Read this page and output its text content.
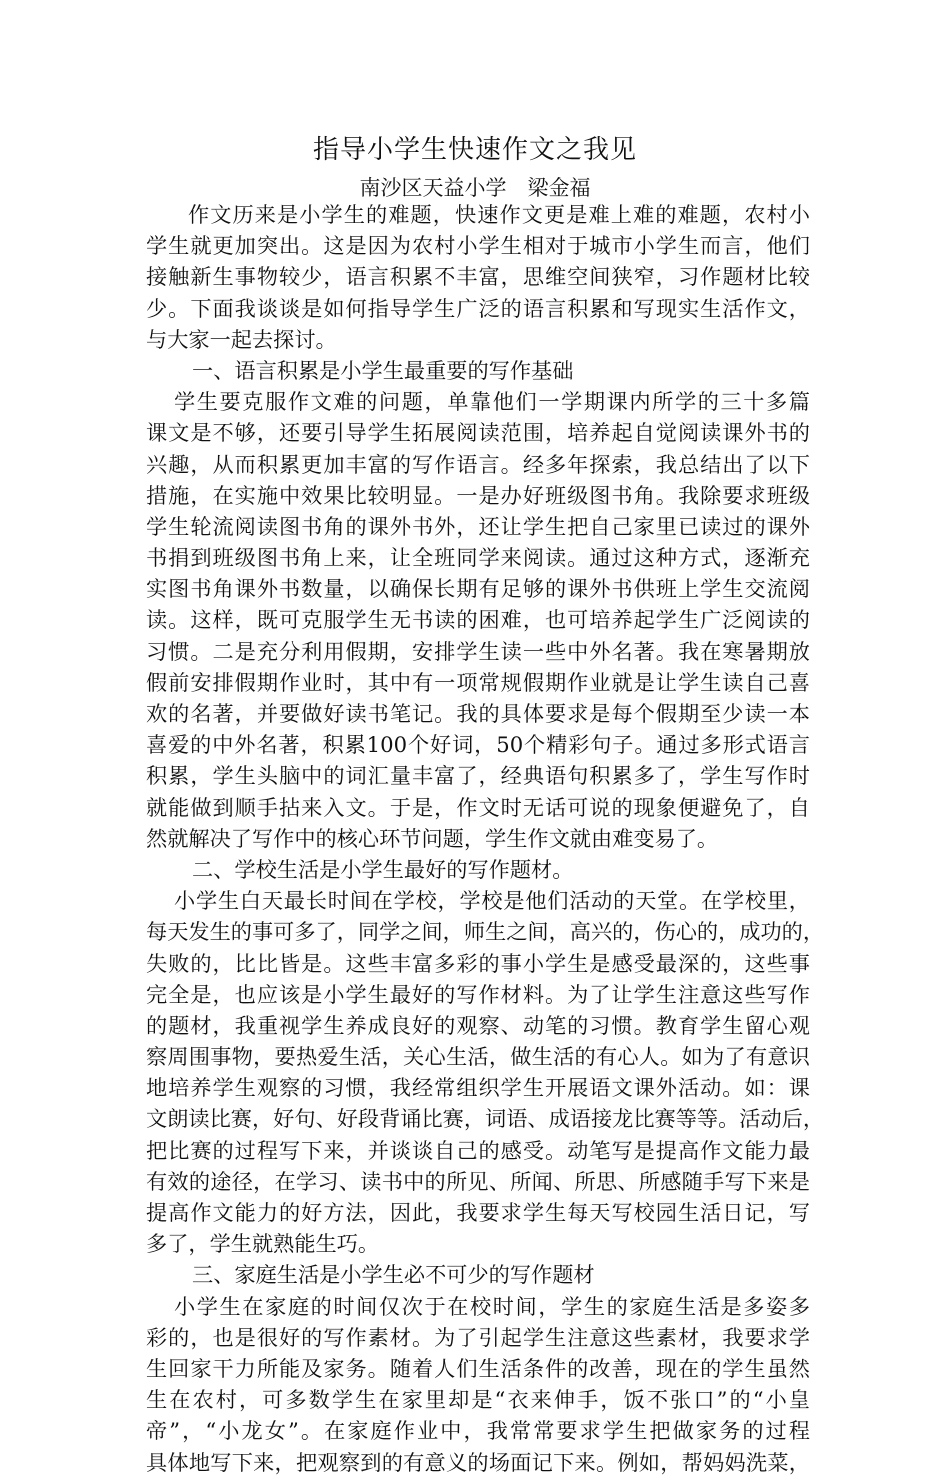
指导小学生快速作文之我见
南沙区天益小学　梁金福
作文历来是小学生的难题，快速作文更是难上难的难题，农村小
学生就更加突出。这是因为农村小学生相对于城市小学生而言，他们
接触新生事物较少，语言积累不丰富，思维空间狭窄，习作题材比较
少。下面我谈谈是如何指导学生广泛的语言积累和写现实生活作文，
与大家一起去探讨。
一、语言积累是小学生最重要的写作基础
学生要克服作文难的问题，单靠他们一学期课内所学的三十多篇
课文是不够，还要引导学生拓展阅读范围，培养起自觉阅读课外书的
兴趣，从而积累更加丰富的写作语言。经多年探索，我总结出了以下
措施，在实施中效果比较明显。一是办好班级图书角。我除要求班级
学生轮流阅读图书角的课外书外，还让学生把自己家里已读过的课外
书捐到班级图书角上来，让全班同学来阅读。通过这种方式，逐渐充
实图书角课外书数量，以确保长期有足够的课外书供班上学生交流阅
读。这样，既可克服学生无书读的困难，也可培养起学生广泛阅读的
习惯。二是充分利用假期，安排学生读一些中外名著。我在寒暑期放
假前安排假期作业时，其中有一项常规假期作业就是让学生读自己喜
欢的名著，并要做好读书笔记。我的具体要求是每个假期至少读一本
喜爱的中外名著，积累100个好词，50个精彩句子。通过多形式语言
积累，学生头脑中的词汇量丰富了，经典语句积累多了，学生写作时
就能做到顺手拈来入文。于是，作文时无话可说的现象便避免了，自
然就解决了写作中的核心环节问题，学生作文就由难变易了。
二、学校生活是小学生最好的写作题材。
小学生白天最长时间在学校，学校是他们活动的天堂。在学校里，
每天发生的事可多了，同学之间，师生之间，高兴的，伤心的，成功的，
失败的，比比皆是。这些丰富多彩的事小学生是感受最深的，这些事
完全是，也应该是小学生最好的写作材料。为了让学生注意这些写作
的题材，我重视学生养成良好的观察、动笔的习惯。教育学生留心观
察周围事物，要热爱生活，关心生活，做生活的有心人。如为了有意识
地培养学生观察的习惯，我经常组织学生开展语文课外活动。如：课
文朗读比赛，好句、好段背诵比赛，词语、成语接龙比赛等等。活动后，
把比赛的过程写下来，并谈谈自己的感受。动笔写是提高作文能力最
有效的途径，在学习、读书中的所见、所闻、所思、所感随手写下来是
提高作文能力的好方法，因此，我要求学生每天写校园生活日记，写
多了，学生就熟能生巧。
三、家庭生活是小学生必不可少的写作题材
小学生在家庭的时间仅次于在校时间，学生的家庭生活是多姿多
彩的，也是很好的写作素材。为了引起学生注意这些素材，我要求学
生回家干力所能及家务。随着人们生活条件的改善，现在的学生虽然
生在农村，可多数学生在家里却是“衣来伸手，饭不张口”的“小皇
帝”，“小龙女”。在家庭作业中，我常常要求学生把做家务的过程
具体地写下来，把观察到的有意义的场面记下来。例如，帮妈妈洗菜，
